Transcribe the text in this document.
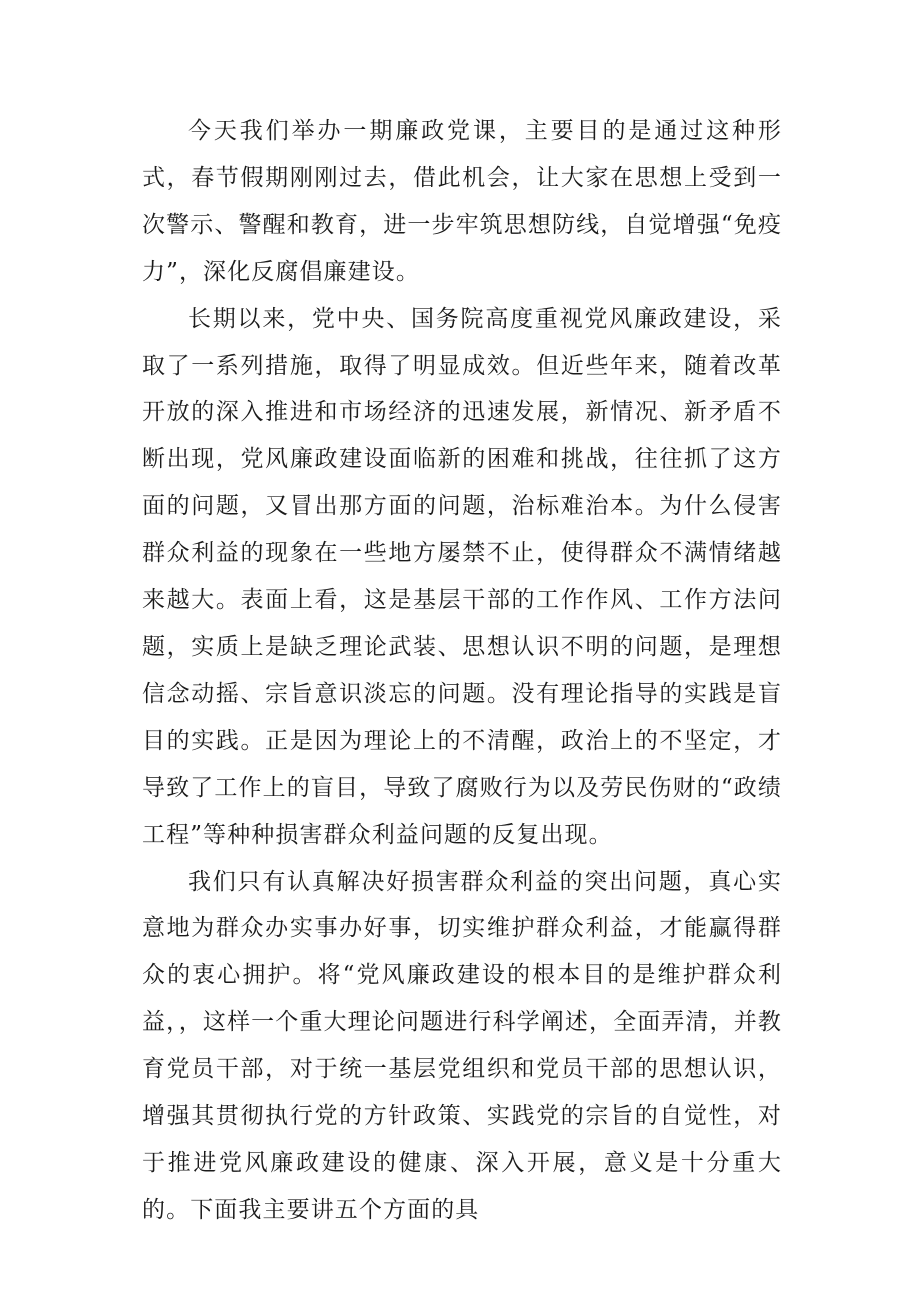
今天我们举办一期廉政党课，主要目的是通过这种形式，春节假期刚刚过去，借此机会，让大家在思想上受到一次警示、警醒和教育，进一步牢筑思想防线，自觉增强“免疫力”，深化反腐倡廉建设。

长期以来，党中央、国务院高度重视党风廉政建设，采取了一系列措施，取得了明显成效。但近些年来，随着改革开放的深入推进和市场经济的迅速发展，新情况、新矛盾不断出现，党风廉政建设面临新的困难和挑战，往往抓了这方面的问题，又冒出那方面的问题，治标难治本。为什么侵害群众利益的现象在一些地方屡禁不止，使得群众不满情绪越来越大。表面上看，这是基层干部的工作作风、工作方法问题，实质上是缺乏理论武装、思想认识不明的问题，是理想信念动摇、宗旨意识淡忘的问题。没有理论指导的实践是盲目的实践。正是因为理论上的不清醒，政治上的不坚定，才导致了工作上的盲目，导致了腐败行为以及劳民伤财的“政绩工程”等种种损害群众利益问题的反复出现。

我们只有认真解决好损害群众利益的突出问题，真心实意地为群众办实事办好事，切实维护群众利益，才能赢得群众的衷心拥护。将“党风廉政建设的根本目的是维护群众利益，，这样一个重大理论问题进行科学阐述，全面弄清，并教育党员干部，对于统一基层党组织和党员干部的思想认识，增强其贯彻执行党的方针政策、实践党的宗旨的自觉性，对于推进党风廉政建设的健康、深入开展，意义是十分重大的。下面我主要讲五个方面的具
